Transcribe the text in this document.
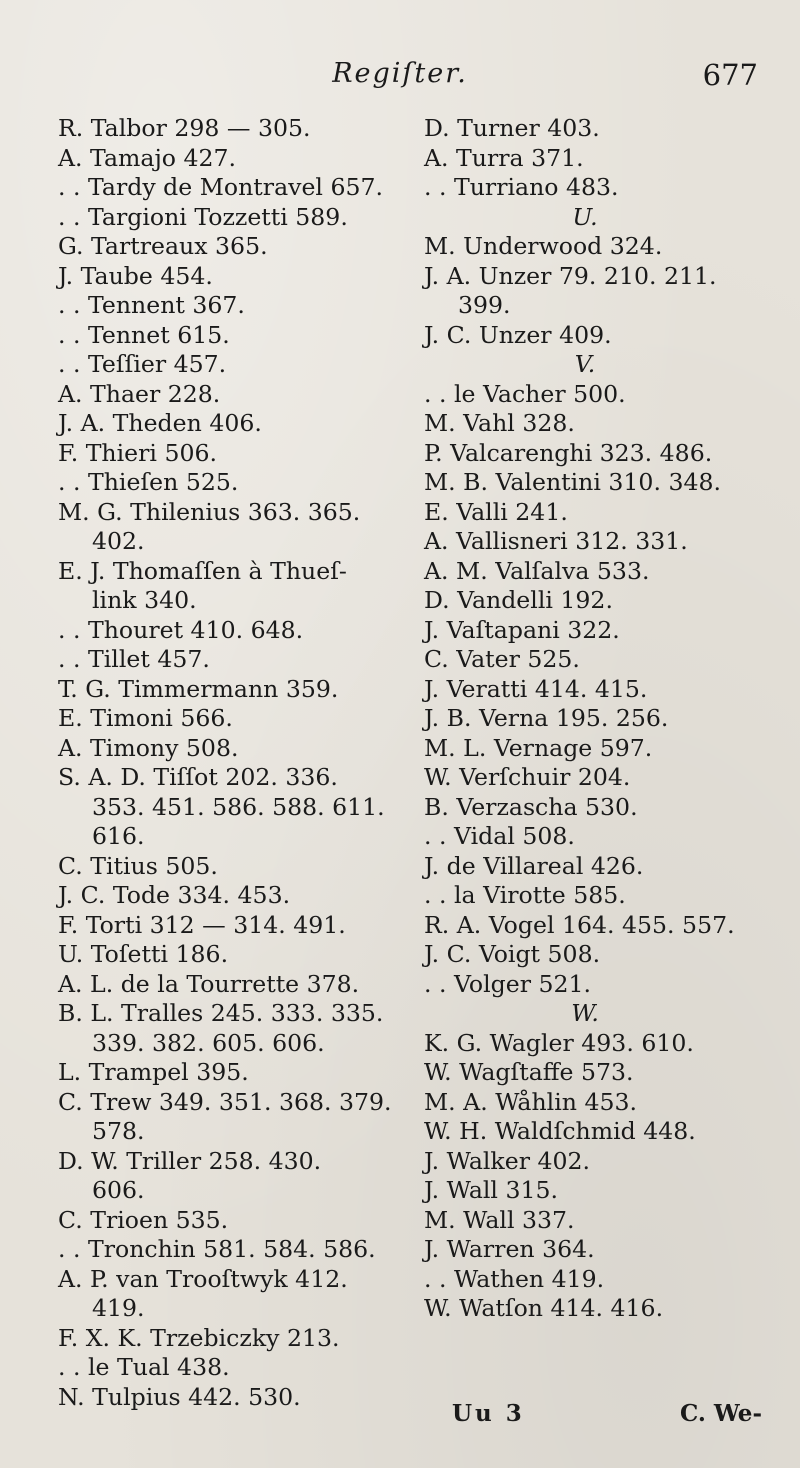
Regiſter.	677
R. Talbor 298 — 305.
A. Tamajo 427.
. . Tardy de Montravel 657.
. . Targioni Tozzetti 589.
G. Tartreaux 365.
J. Taube 454.
. . Tennent 367.
. . Tennet 615.
. . Teſſier 457.
A. Thaer 228.
J. A. Theden 406.
F. Thieri 506.
. . Thieſen 525.
M. G. Thilenius 363. 365.
402.
E. J. Thomaſſen à Thueſ-
link 340.
. . Thouret 410. 648.
. . Tillet 457.
T. G. Timmermann 359.
E. Timoni 566.
A. Timony 508.
S. A. D. Tiſſot 202. 336.
353. 451. 586. 588. 611.
616.
C. Titius 505.
J. C. Tode 334. 453.
F. Torti 312 — 314. 491.
U. Toſetti 186.
A. L. de la Tourrette 378.
B. L. Tralles 245. 333. 335.
339. 382. 605. 606.
L. Trampel 395.
C. Trew 349. 351. 368. 379.
578.
D. W. Triller 258. 430.
606.
C. Trioen 535.
. . Tronchin 581. 584. 586.
A. P. van Trooſtwyk 412.
419.
F. X. K. Trzebiczky 213.
. . le Tual 438.
N. Tulpius 442. 530.
D. Turner 403.
A. Turra 371.
. . Turriano 483.
U.
M. Underwood 324.
J. A. Unzer 79. 210. 211.
399.
J. C. Unzer 409.
V.
. . le Vacher 500.
M. Vahl 328.
P. Valcarenghi 323. 486.
M. B. Valentini 310. 348.
E. Valli 241.
A. Vallisneri 312. 331.
A. M. Valſalva 533.
D. Vandelli 192.
J. Vaſtapani 322.
C. Vater 525.
J. Veratti 414. 415.
J. B. Verna 195. 256.
M. L. Vernage 597.
W. Verſchuir 204.
B. Verzascha 530.
. . Vidal 508.
J. de Villareal 426.
. . la Virotte 585.
R. A. Vogel 164. 455. 557.
J. C. Voigt 508.
. . Volger 521.
W.
K. G. Wagler 493. 610.
W. Wagſtaffe 573.
M. A. Wåhlin 453.
W. H. Waldſchmid 448.
J. Walker 402.
J. Wall 315.
M. Wall 337.
J. Warren 364.
. . Wathen 419.
W. Watſon 414. 416.
Uu 3	C. We-
